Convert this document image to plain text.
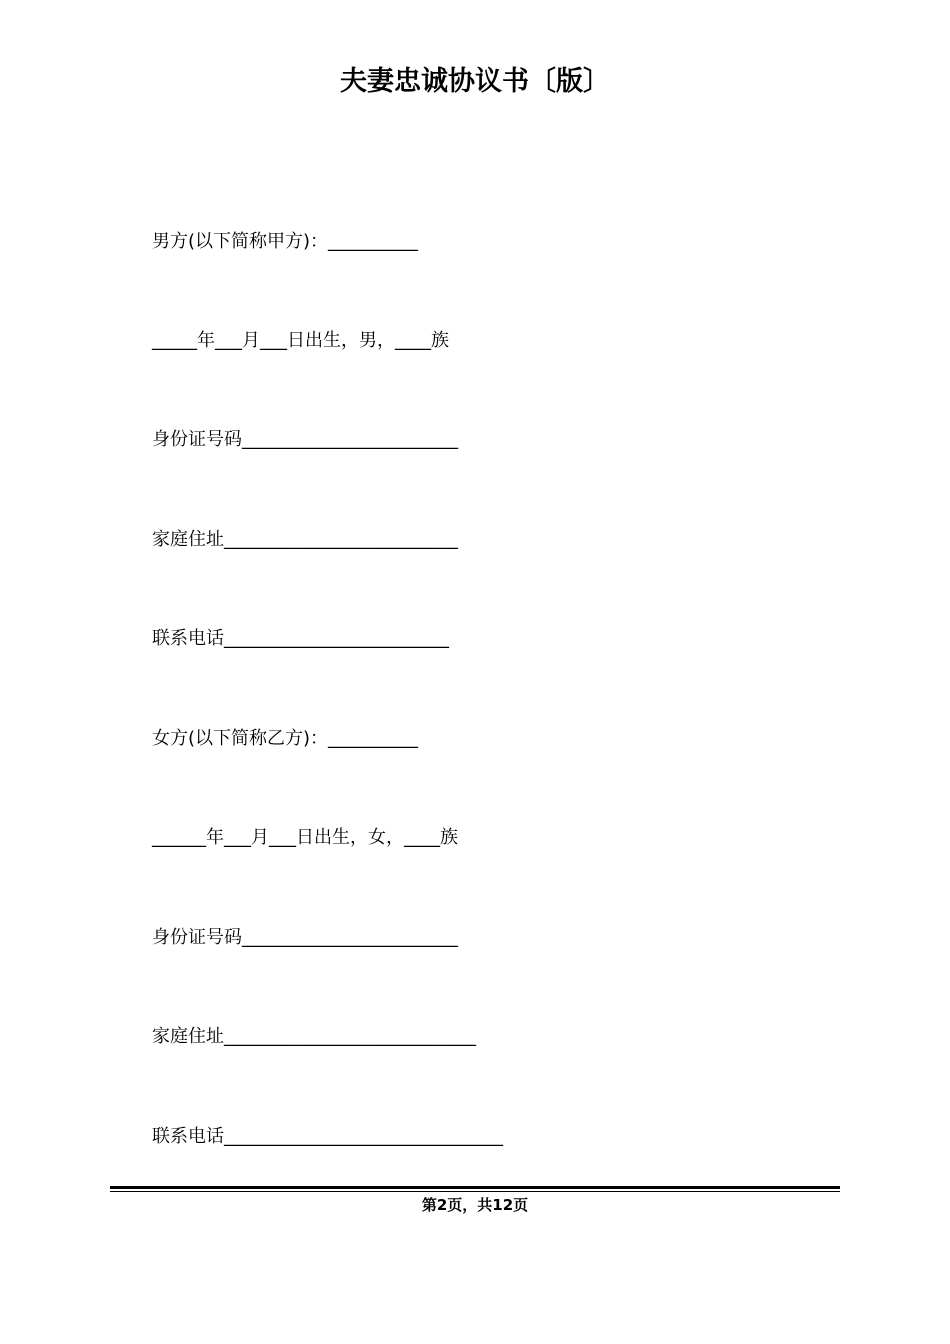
夫妻忠诚协议书〔版〕
男方(以下简称甲方)：__________
_____年___月___日出生，男，____族
身份证号码________________________
家庭住址__________________________
联系电话_________________________
女方(以下简称乙方)：__________
______年___月___日出生，女，____族
身份证号码________________________
家庭住址____________________________
联系电话_______________________________
第2页，共12页
